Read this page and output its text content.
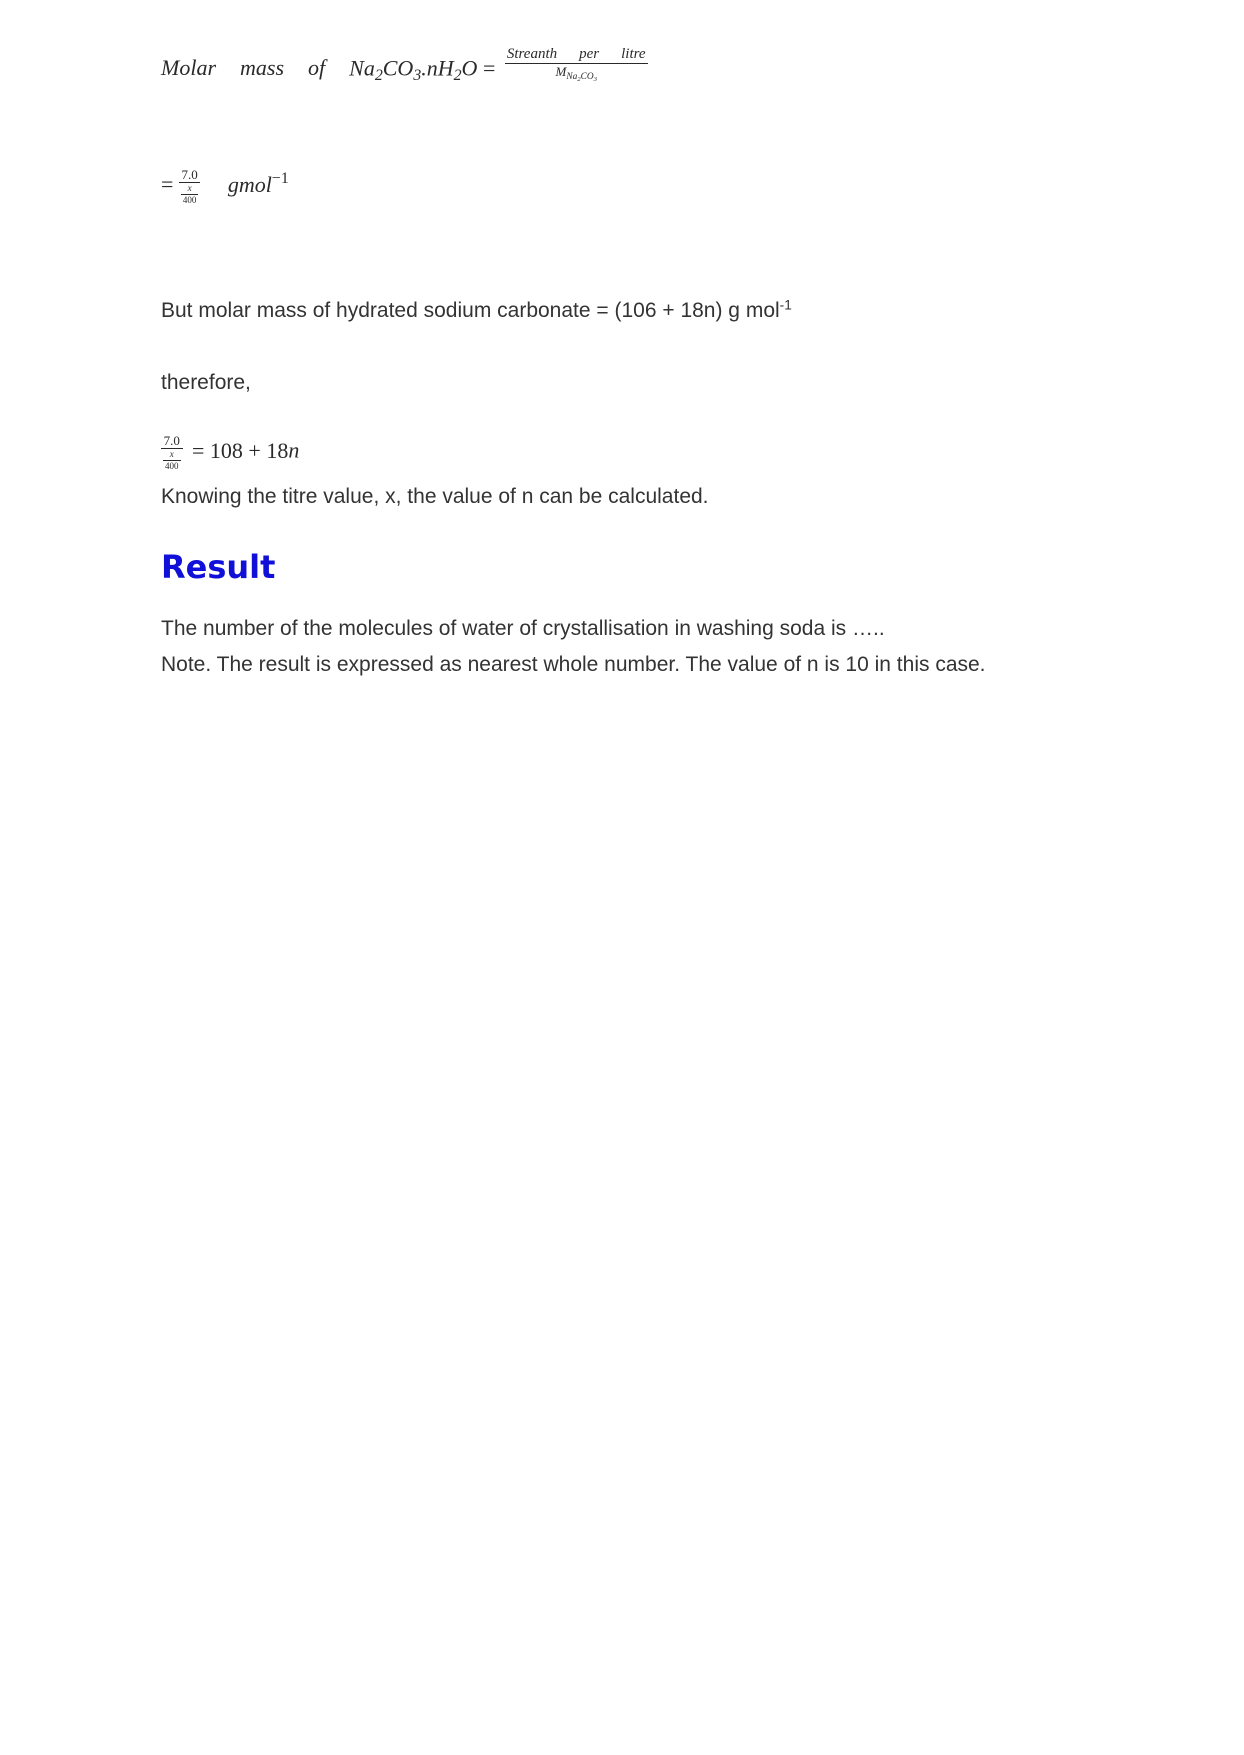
Molar mass of $Na_2CO_3.nH_2O = \frac{\text{Streanth per litre}}{M_{Na_2CO_3}}$
= $\frac{7.0}{\frac{x}{400}}$ gmol$^{-1}$

But molar mass of hydrated sodium carbonate = (106 + 18n) g mol$^{-1}$

therefore,

$\frac{7.0}{\frac{x}{400}} = 108 + 18n$

Knowing the titre value, x, the value of n can be calculated.

Result

The number of the molecules of water of crystallisation in washing soda is …..

Note. The result is expressed as nearest whole number. The value of n is 10 in this case.
